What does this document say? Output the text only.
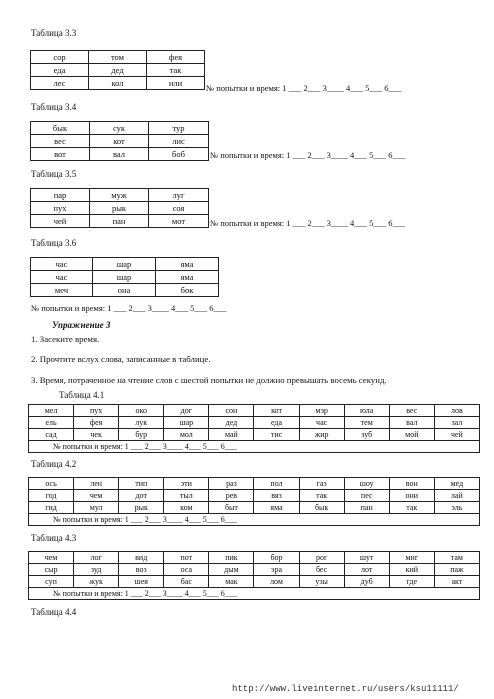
Таблица 3.3
сор	том	фея
еда	дед	так
лес	кол	или	№ попытки и время: 1 ___ 2___ 3____ 4___ 5___ 6___
Таблица 3.4
бык	сук	тур
вес	кот	лис
вот	вал	боб	№ попытки и время: 1 ___ 2___ 3____ 4___ 5___ 6___
Таблица 3.5
пар	муж	луг
пух	рык	соя
чей	пан	мот	№ попытки и время: 1 ___ 2___ 3____ 4___ 5___ 6___
Таблица 3.6
час	шар	яма
час	шар	яма
меч	она	бок
№ попытки и время: 1 ___ 2___ 3____ 4___ 5___ 6___
Упражнение 3
1. Засеките время.
2. Прочтите вслух слова, записанные в таблице.
3. Время, потраченное на чтение слов с шестой попытки не должно превышать восемь секунд.
Таблица 4.1
мел	пух	око	дог	сон	кот	мэр	юла	вес	лов
ель	фея	лук	шар	дед	еда	час	тем	вал	зал
сад	чек	бур	мол	май	тис	жир	зуб	мой	чей
№ попытки и время: 1 ___ 2___ 3____ 4___ 5___ 6___									
Таблица 4.2
ось	лен	тип	эти	раз	пол	газ	шоу	вон	мед
год	чем	дот	тыл	рев	вяз	так	пес	они	лай
гид	мул	рык	ком	быт	яма	бык	пан	так	эль
№ попытки и время: 1 ___ 2___ 3____ 4___ 5___ 6___									
Таблица 4.3
чем	лог	вид	пот	пик	бор	рог	шут	миг	там
сыр	зуд	воз	оса	дым	эра	бес	лот	кий	паж
суп	жук	шея	бас	мак	лом	узы	дуб	где	акт
№ попытки и время: 1 ___ 2___ 3____ 4___ 5___ 6___									
Таблица 4.4
http://www.liveinternet.ru/users/ksu11111/
